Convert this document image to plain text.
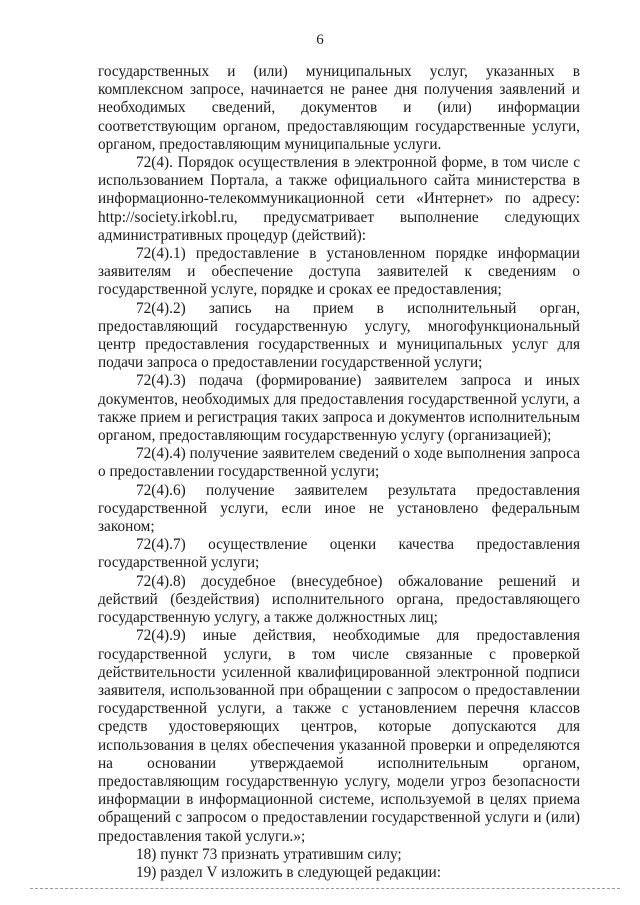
6

государственных и (или) муниципальных услуг, указанных в комплексном запросе, начинается не ранее дня получения заявлений и необходимых сведений, документов и (или) информации соответствующим органом, предоставляющим государственные услуги, органом, предоставляющим муниципальные услуги.

72(4). Порядок осуществления в электронной форме, в том числе с использованием Портала, а также официального сайта министерства в информационно-телекоммуникационной сети «Интернет» по адресу: http://society.irkobl.ru, предусматривает выполнение следующих административных процедур (действий):

72(4).1) предоставление в установленном порядке информации заявителям и обеспечение доступа заявителей к сведениям о государственной услуге, порядке и сроках ее предоставления;

72(4).2) запись на прием в исполнительный орган, предоставляющий государственную услугу, многофункциональный центр предоставления государственных и муниципальных услуг для подачи запроса о предоставлении государственной услуги;

72(4).3) подача (формирование) заявителем запроса и иных документов, необходимых для предоставления государственной услуги, а также прием и регистрация таких запроса и документов исполнительным органом, предоставляющим государственную услугу (организацией);

72(4).4) получение заявителем сведений о ходе выполнения запроса о предоставлении государственной услуги;

72(4).6) получение заявителем результата предоставления государственной услуги, если иное не установлено федеральным законом;

72(4).7) осуществление оценки качества предоставления государственной услуги;

72(4).8) досудебное (внесудебное) обжалование решений и действий (бездействия) исполнительного органа, предоставляющего государственную услугу, а также должностных лиц;

72(4).9) иные действия, необходимые для предоставления государственной услуги, в том числе связанные с проверкой действительности усиленной квалифицированной электронной подписи заявителя, использованной при обращении с запросом о предоставлении государственной услуги, а также с установлением перечня классов средств удостоверяющих центров, которые допускаются для использования в целях обеспечения указанной проверки и определяются на основании утверждаемой исполнительным органом, предоставляющим государственную услугу, модели угроз безопасности информации в информационной системе, используемой в целях приема обращений с запросом о предоставлении государственной услуги и (или) предоставления такой услуги.»;

18) пункт 73 признать утратившим силу;

19) раздел V изложить в следующей редакции:
